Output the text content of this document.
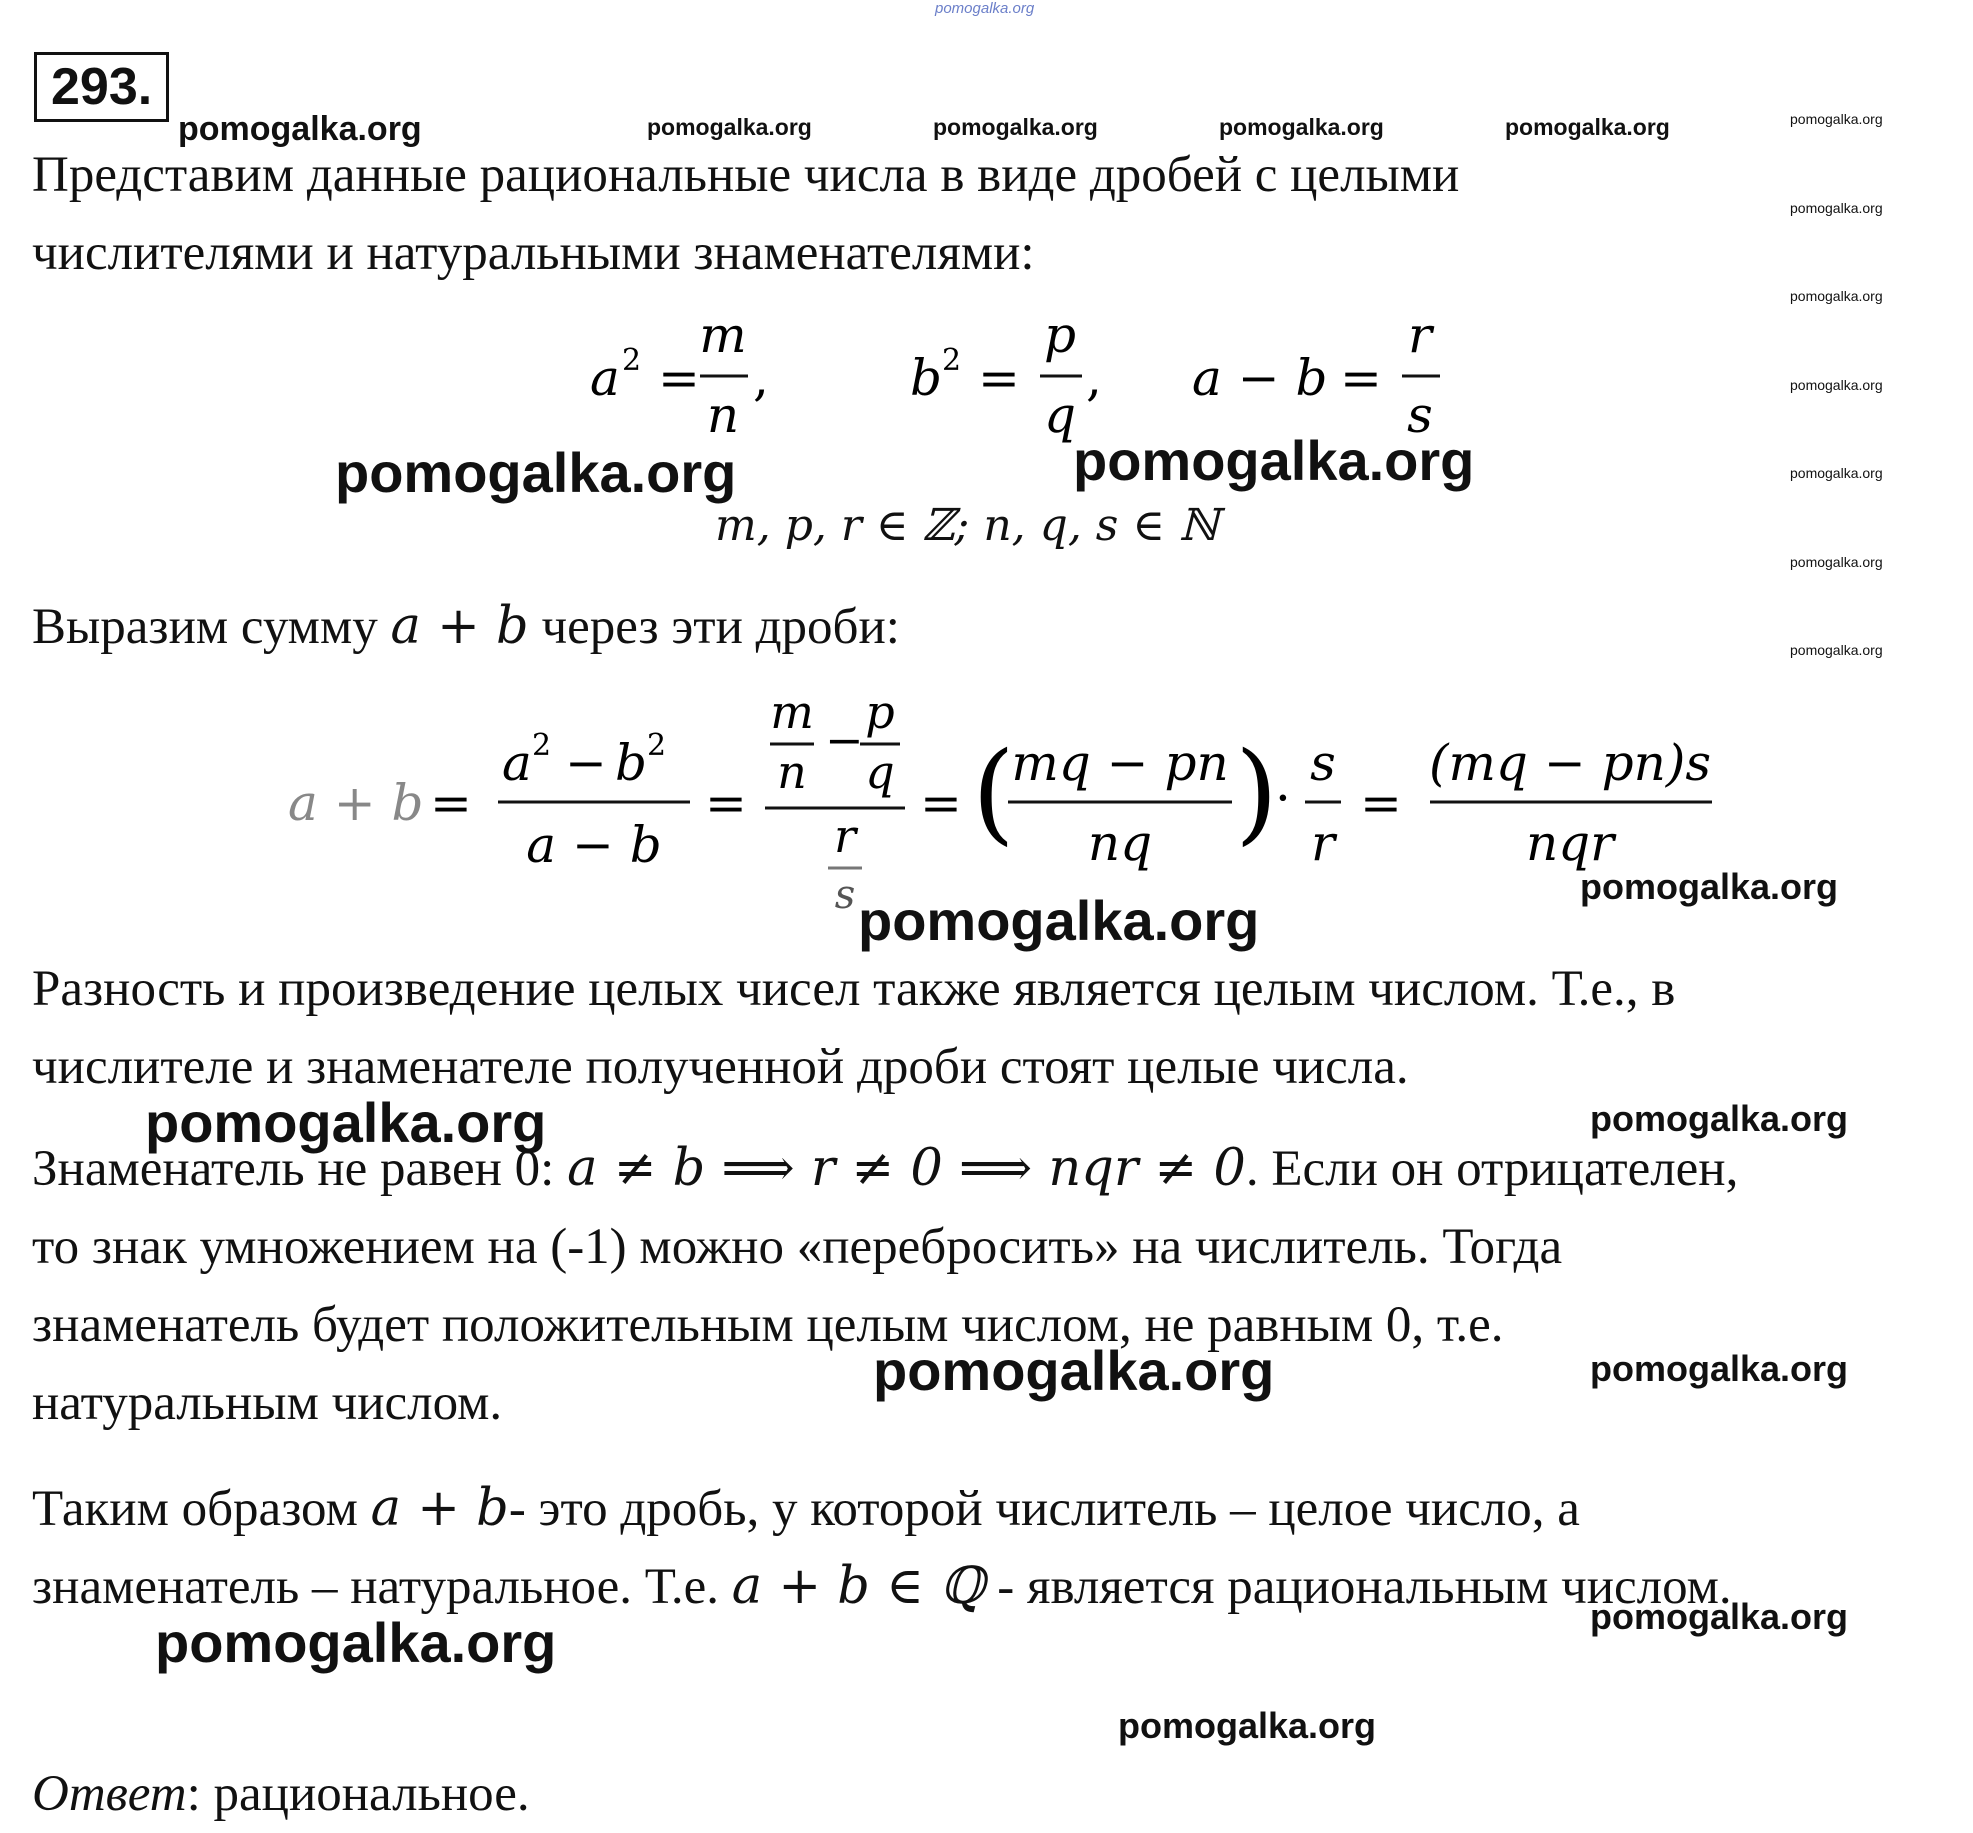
pomogalka.org
293.
pomogalka.org	pomogalka.org	pomogalka.org	pomogalka.org	pomogalka.org	pomogalka.org
pomogalka.org
pomogalka.org
pomogalka.org
pomogalka.org
pomogalka.org
pomogalka.org
Представим данные рациональные числа в виде дробей с целыми
числителями и натуральными знаменателями:
a 2 =
m
n
,	b 2 =
p
q
, a − b =
r
s
pomogalka.org	pomogalka.org
m, p, r ∈ ℤ; n, q, s ∈ ℕ
Выразим сумму a + b через эти дроби:
a + b =
a 2 − b 2
a − b
=
m
n
−
p
q
r
s
= (
mq − pn
nq )
·
s
r
=
(mq − pn)s
nqr
pomogalka.org
pomogalka.org
Разность и произведение целых чисел также является целым числом. Т.е., в
числителе и знаменателе полученной дроби стоят целые числа.
pomogalka.org	pomogalka.org
Знаменатель не равен 0: a ≠ b ⟹ r ≠ 0 ⟹ nqr ≠ 0. Если он отрицателен,
то знак умножением на (-1) можно «перебросить» на числитель. Тогда
знаменатель будет положительным целым числом, не равным 0, т.е.
натуральным числом.
pomogalka.org	pomogalka.org
Таким образом a + b- это дробь, у которой числитель – целое число, а
знаменатель – натуральное. Т.е. a + b ∈ ℚ - является рациональным числом.
pomogalka.org	pomogalka.org
pomogalka.org
Ответ: рациональное.
